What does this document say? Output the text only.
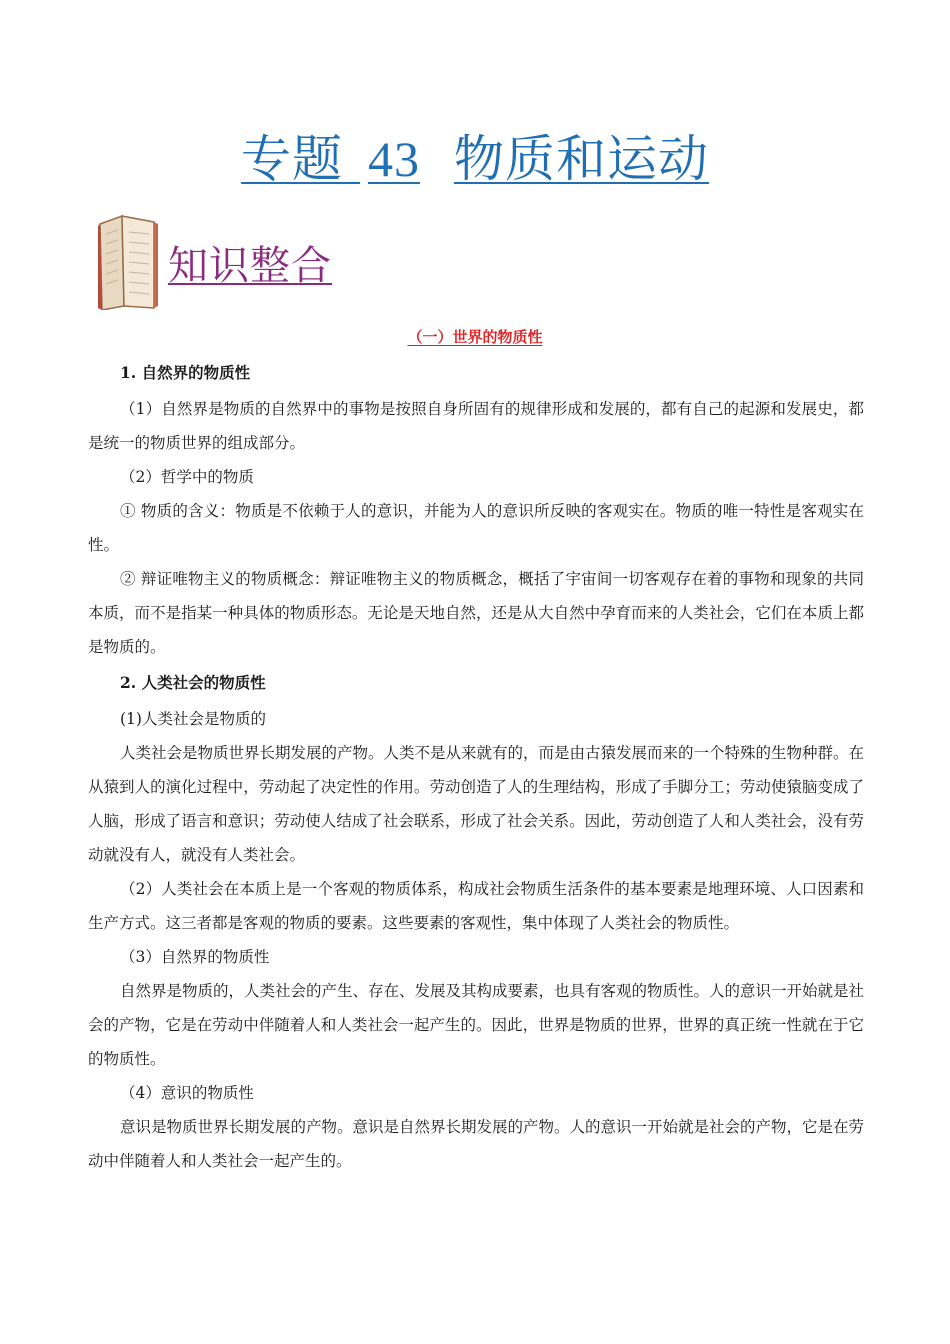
专题 43 物质和运动
知识整合
（一）世界的物质性

1. 自然界的物质性

（1）自然界是物质的自然界中的事物是按照自身所固有的规律形成和发展的，都有自己的起源和发展史，都是统一的物质世界的组成部分。

（2）哲学中的物质

① 物质的含义：物质是不依赖于人的意识，并能为人的意识所反映的客观实在。物质的唯一特性是客观实在性。

② 辩证唯物主义的物质概念：辩证唯物主义的物质概念，概括了宇宙间一切客观存在着的事物和现象的共同本质，而不是指某一种具体的物质形态。无论是天地自然，还是从大自然中孕育而来的人类社会，它们在本质上都是物质的。

2. 人类社会的物质性

(1)人类社会是物质的

人类社会是物质世界长期发展的产物。人类不是从来就有的，而是由古猿发展而来的一个特殊的生物种群。在从猿到人的演化过程中，劳动起了决定性的作用。劳动创造了人的生理结构，形成了手脚分工；劳动使猿脑变成了人脑，形成了语言和意识；劳动使人结成了社会联系，形成了社会关系。因此，劳动创造了人和人类社会，没有劳动就没有人，就没有人类社会。

（2）人类社会在本质上是一个客观的物质体系，构成社会物质生活条件的基本要素是地理环境、人口因素和生产方式。这三者都是客观的物质的要素。这些要素的客观性，集中体现了人类社会的物质性。

（3）自然界的物质性

自然界是物质的，人类社会的产生、存在、发展及其构成要素，也具有客观的物质性。人的意识一开始就是社会的产物，它是在劳动中伴随着人和人类社会一起产生的。因此，世界是物质的世界，世界的真正统一性就在于它的物质性。

（4）意识的物质性

意识是物质世界长期发展的产物。意识是自然界长期发展的产物。人的意识一开始就是社会的产物，它是在劳动中伴随着人和人类社会一起产生的。
